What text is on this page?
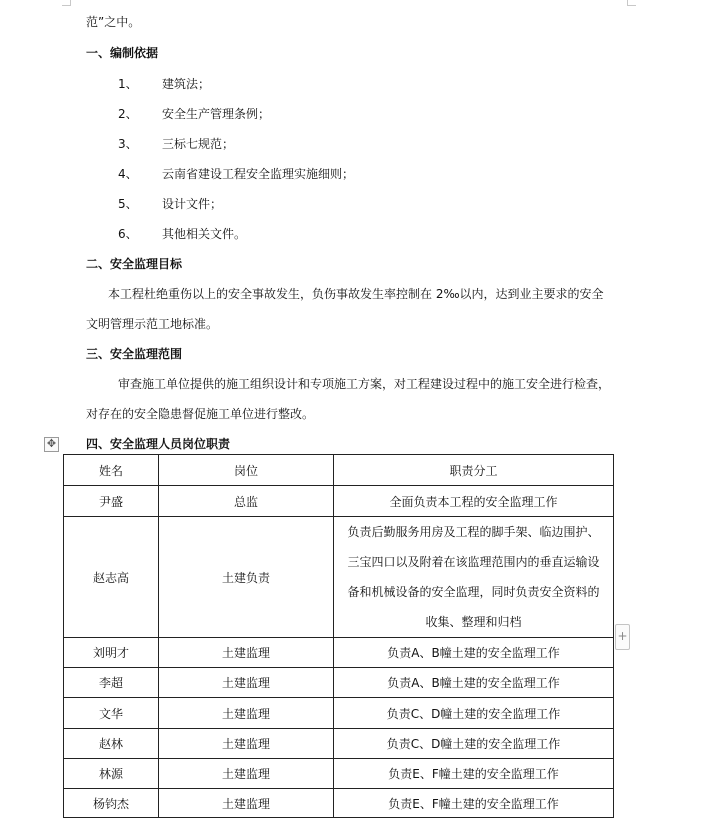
范”之中。
一、编制依据
1、 建筑法；
2、 安全生产管理条例；
3、 三标七规范；
4、 云南省建设工程安全监理实施细则；
5、 设计文件；
6、 其他相关文件。
二、安全监理目标
本工程杜绝重伤以上的安全事故发生，负伤事故发生率控制在 2‰以内，达到业主要求的安全
文明管理示范工地标准。
三、安全监理范围
审查施工单位提供的施工组织设计和专项施工方案，对工程建设过程中的施工安全进行检查，
对存在的安全隐患督促施工单位进行整改。
✥ 四、安全监理人员岗位职责
姓名	岗位	职责分工
尹盛	总监	全面负责本工程的安全监理工作

赵志高	土建负责	负责后勤服务用房及工程的脚手架、临边围护、
三宝四口以及附着在该监理范围内的垂直运输设
备和机械设备的安全监理，同时负责安全资料的
收集、整理和归档

刘明才	土建监理	负责A、B幢土建的安全监理工作

李超	土建监理	负责A、B幢土建的安全监理工作

文华	土建监理	负责C、D幢土建的安全监理工作

赵林	土建监理	负责C、D幢土建的安全监理工作

林源	土建监理	负责E、F幢土建的安全监理工作

杨钧杰	土建监理	负责E、F幢土建的安全监理工作
+
